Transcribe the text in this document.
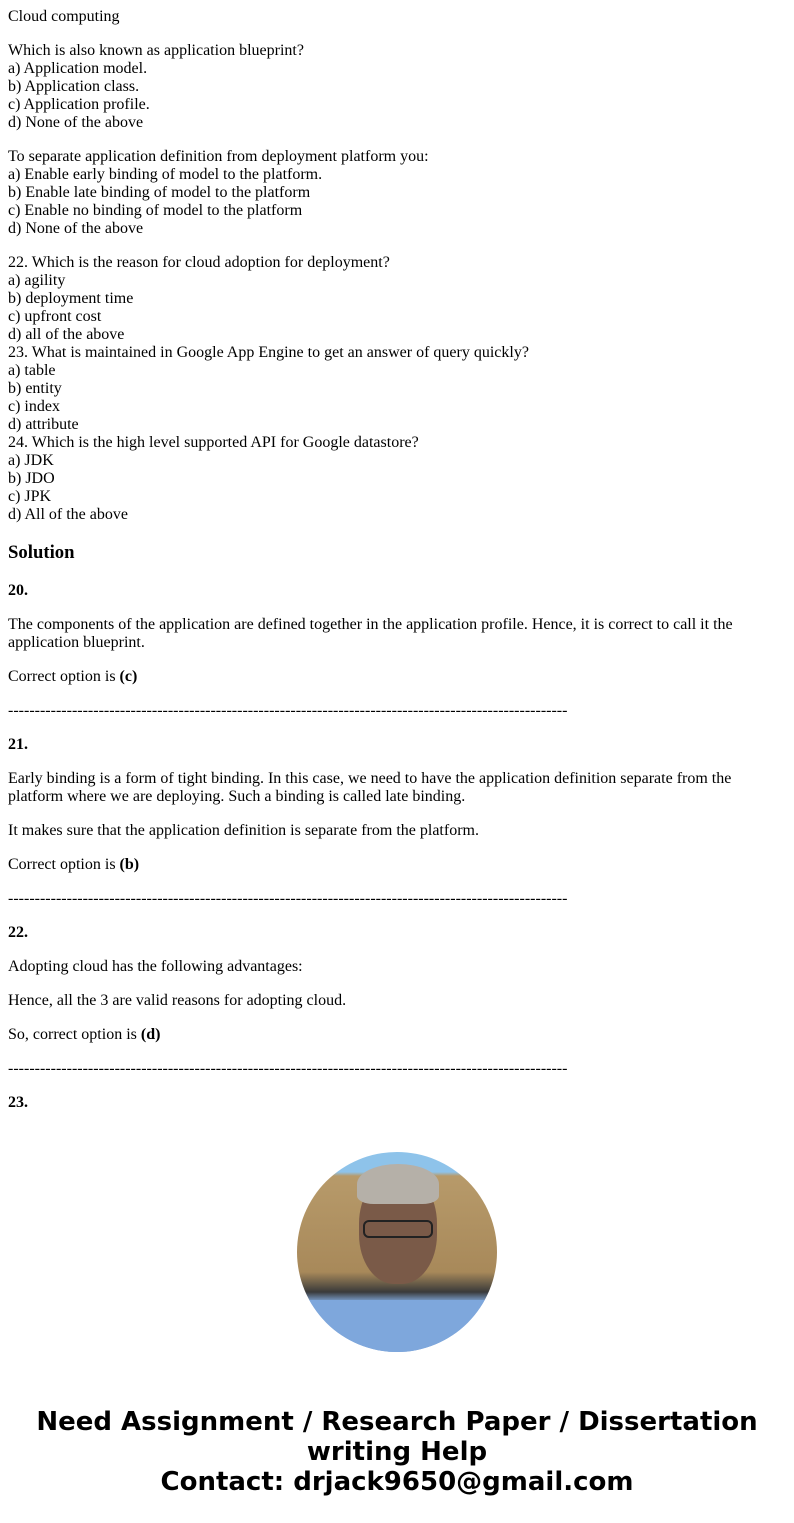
Cloud computing

Which is also known as application blueprint?
a) Application model.
b) Application class.
c) Application profile.
d) None of the above
To separate application definition from deployment platform you:
a) Enable early binding of model to the platform.
b) Enable late binding of model to the platform
c) Enable no binding of model to the platform
d) None of the above
22. Which is the reason for cloud adoption for deployment?
a) agility
b) deployment time
c) upfront cost
d) all of the above
23. What is maintained in Google App Engine to get an answer of query quickly?
a) table
b) entity
c) index
d) attribute
24. Which is the high level supported API for Google datastore?
a) JDK
b) JDO
c) JPK
d) All of the above
Solution

20.

The components of the application are defined together in the application profile. Hence, it is correct to call it the application blueprint.

Correct option is (c)

---------------------------------------------------------------------------------------------------------

21.

Early binding is a form of tight binding. In this case, we need to have the application definition separate from the platform where we are deploying. Such a binding is called late binding.

It makes sure that the application definition is separate from the platform.

Correct option is (b)

---------------------------------------------------------------------------------------------------------

22.

Adopting cloud has the following advantages:

Hence, all the 3 are valid reasons for adopting cloud.

So, correct option is (d)

---------------------------------------------------------------------------------------------------------

23.

Need Assignment / Research Paper / Dissertation
writing Help
Contact: drjack9650@gmail.com
